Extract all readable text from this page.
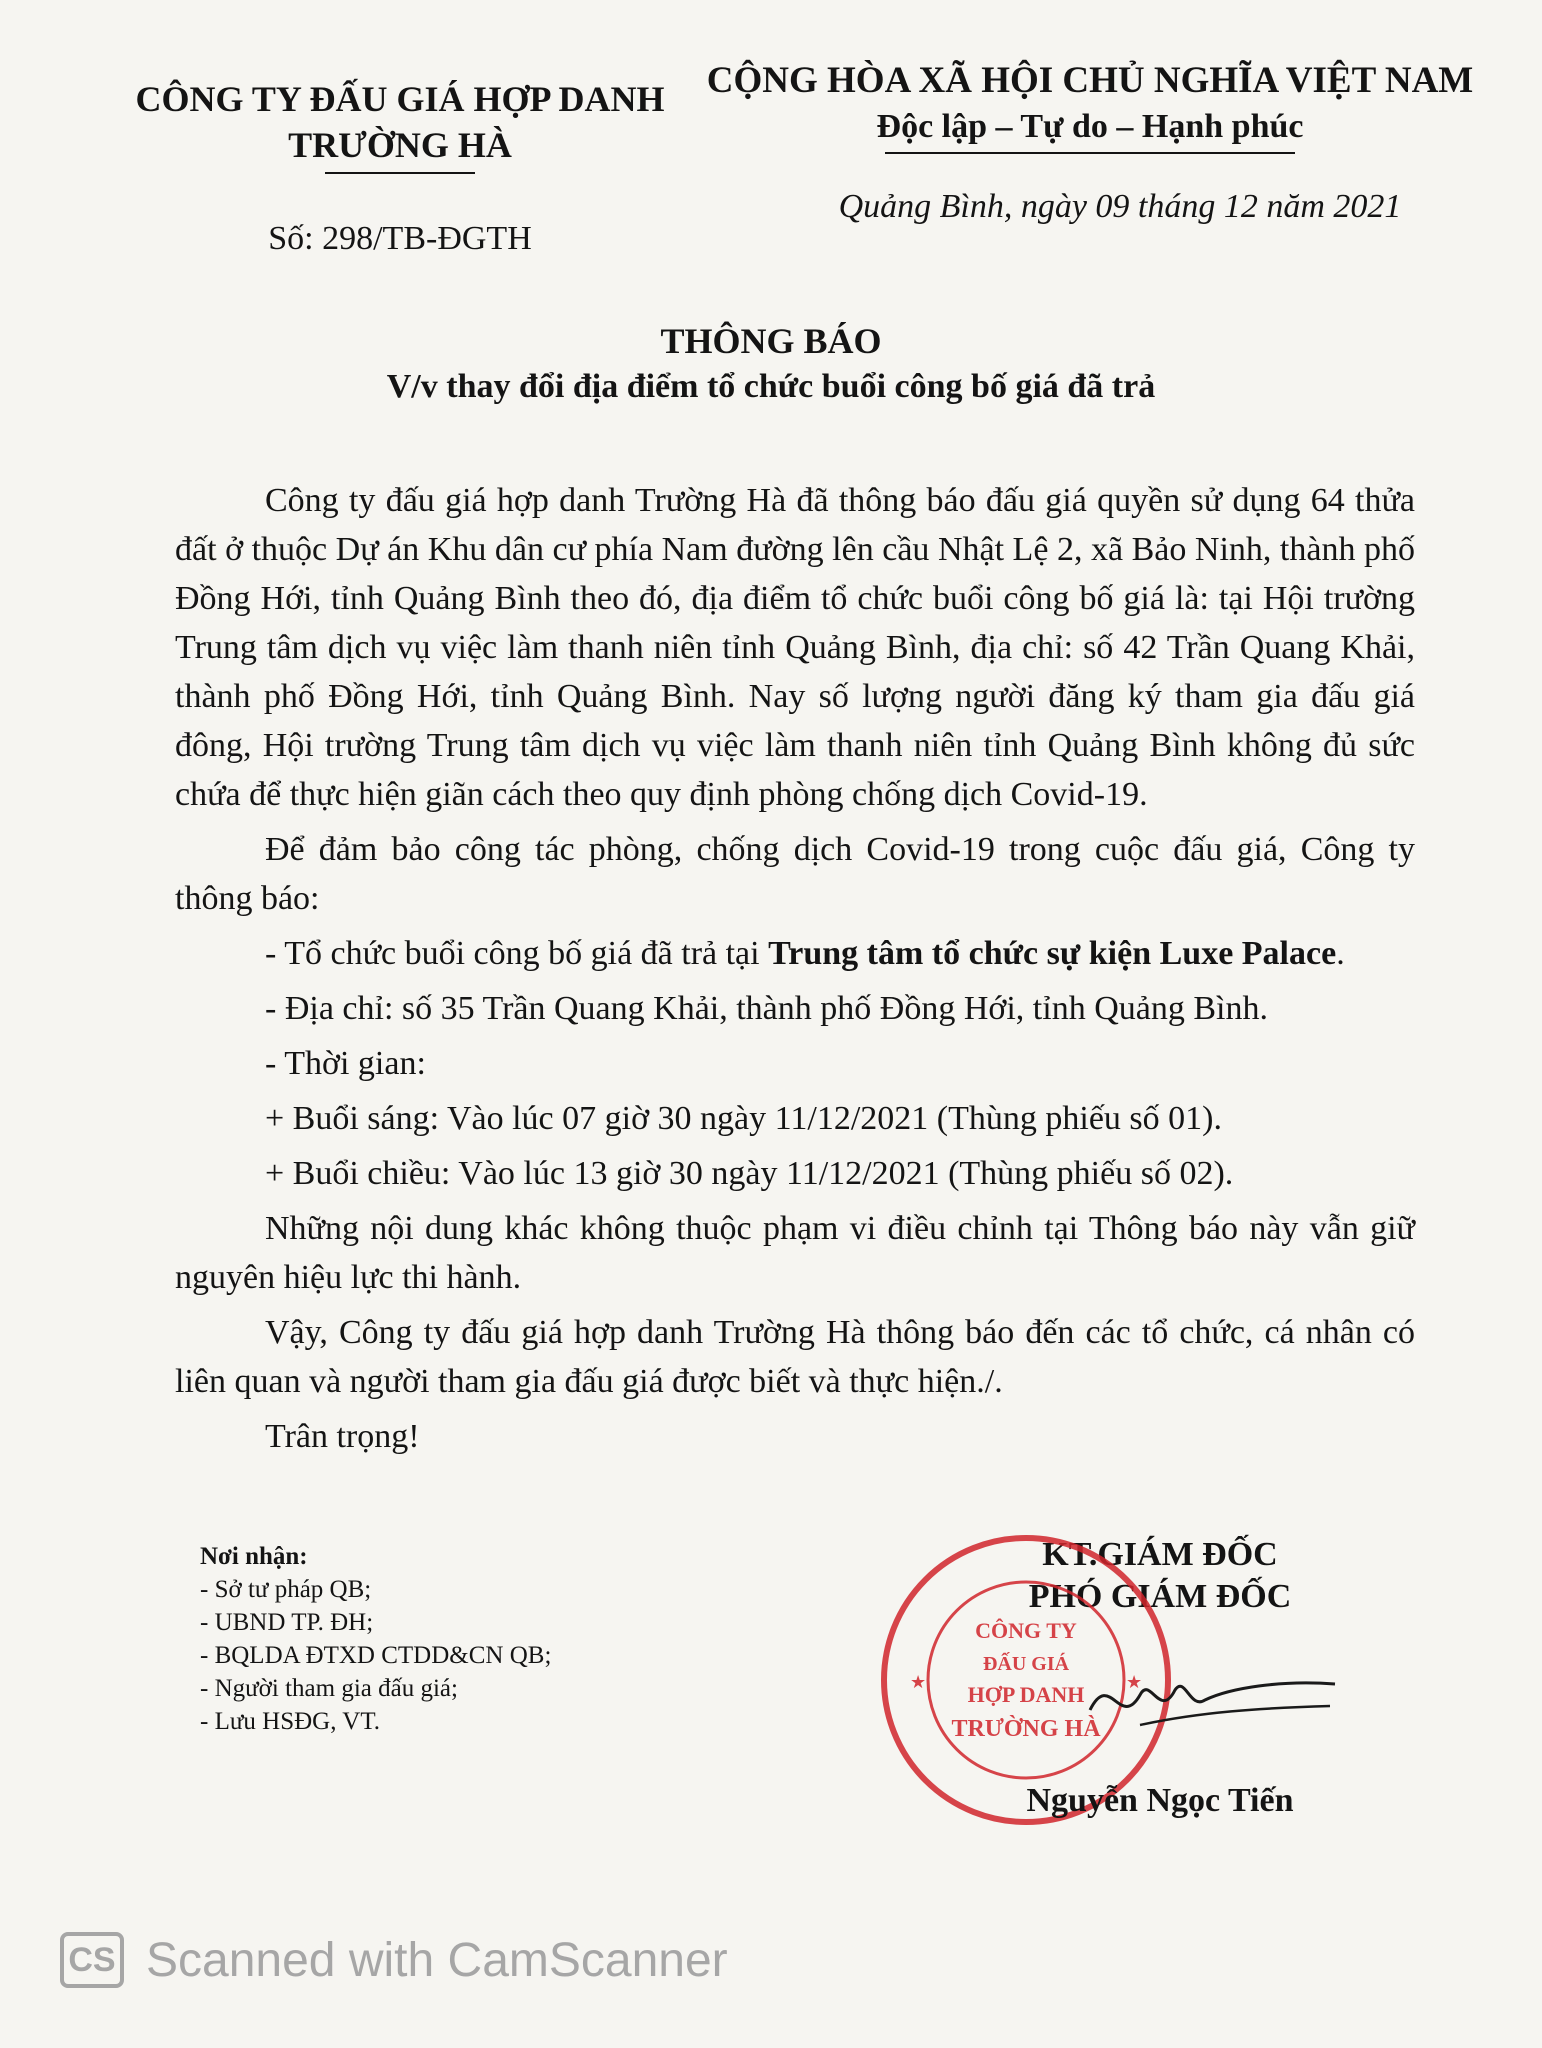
CÔNG TY ĐẤU GIÁ HỢP DANH
TRƯỜNG HÀ
Số: 298/TB-ĐGTH
CỘNG HÒA XÃ HỘI CHỦ NGHĨA VIỆT NAM
Độc lập – Tự do – Hạnh phúc
Quảng Bình, ngày 09 tháng 12 năm 2021
THÔNG BÁO
V/v thay đổi địa điểm tổ chức buổi công bố giá đã trả

Công ty đấu giá hợp danh Trường Hà đã thông báo đấu giá quyền sử dụng 64 thửa đất ở thuộc Dự án Khu dân cư phía Nam đường lên cầu Nhật Lệ 2, xã Bảo Ninh, thành phố Đồng Hới, tỉnh Quảng Bình theo đó, địa điểm tổ chức buổi công bố giá là: tại Hội trường Trung tâm dịch vụ việc làm thanh niên tỉnh Quảng Bình, địa chỉ: số 42 Trần Quang Khải, thành phố Đồng Hới, tỉnh Quảng Bình. Nay số lượng người đăng ký tham gia đấu giá đông, Hội trường Trung tâm dịch vụ việc làm thanh niên tỉnh Quảng Bình không đủ sức chứa để thực hiện giãn cách theo quy định phòng chống dịch Covid-19.

Để đảm bảo công tác phòng, chống dịch Covid-19 trong cuộc đấu giá, Công ty thông báo:

- Tổ chức buổi công bố giá đã trả tại Trung tâm tổ chức sự kiện Luxe Palace.

- Địa chỉ: số 35 Trần Quang Khải, thành phố Đồng Hới, tỉnh Quảng Bình.

- Thời gian:

+ Buổi sáng: Vào lúc 07 giờ 30 ngày 11/12/2021 (Thùng phiếu số 01).

+ Buổi chiều: Vào lúc 13 giờ 30 ngày 11/12/2021 (Thùng phiếu số 02).

Những nội dung khác không thuộc phạm vi điều chỉnh tại Thông báo này vẫn giữ nguyên hiệu lực thi hành.

Vậy, Công ty đấu giá hợp danh Trường Hà thông báo đến các tổ chức, cá nhân có liên quan và người tham gia đấu giá được biết và thực hiện./.

Trân trọng!

Nơi nhận:
- Sở tư pháp QB;
- UBND TP. ĐH;
- BQLDA ĐTXD CTDD&CN QB;
- Người tham gia đấu giá;
- Lưu HSĐG, VT.
KT.GIÁM ĐỐC
PHÓ GIÁM ĐỐC
★	★
CÔNG TY
ĐẤU GIÁ
HỢP DANH
TRƯỜNG HÀ
Nguyễn Ngọc Tiến
CS Scanned with CamScanner
